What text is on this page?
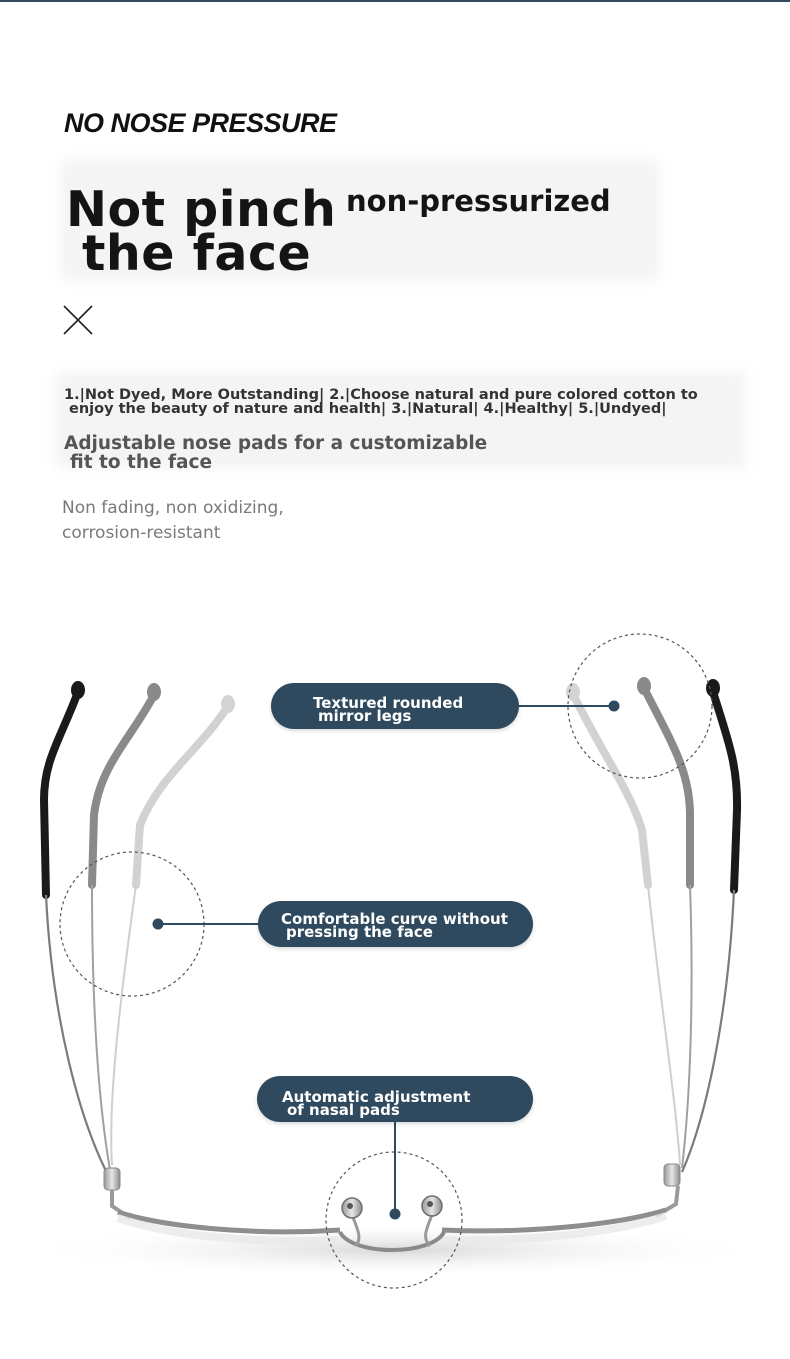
NO NOSE PRESSURE
Not pinch
the face
non-pressurized
1.|Not Dyed, More Outstanding| 2.|Choose natural and pure colored cotton to
enjoy the beauty of nature and health| 3.|Natural| 4.|Healthy| 5.|Undyed|
Adjustable nose pads for a customizable
fit to the face
Non fading, non oxidizing,
corrosion-resistant
Textured rounded
mirror legs
Comfortable curve without
pressing the face
Automatic adjustment
of nasal pads
